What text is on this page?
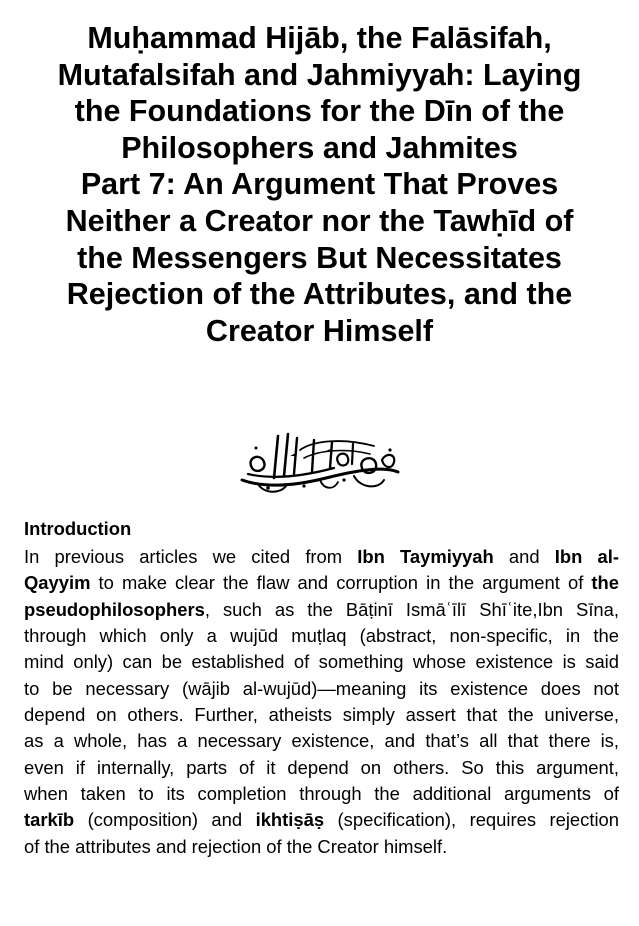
Muḥammad Hijāb, the Falāsifah,
Mutafalsifah and Jahmiyyah: Laying
the Foundations for the Dīn of the
Philosophers and Jahmites
Part 7: An Argument That Proves
Neither a Creator nor the Tawḥīd of
the Messengers But Necessitates
Rejection of the Attributes, and the
Creator Himself
Introduction
In previous articles we cited from Ibn Taymiyyah and Ibn al-
Qayyim to make clear the flaw and corruption in the argument of the
pseudophilosophers, such as the Bāṭinī Ismāʿīlī Shīʿite,Ibn Sīna,
through which only a wujūd muṭlaq (abstract, non-specific, in the
mind only) can be established of something whose existence is said
to be necessary (wājib al-wujūd)—meaning its existence does not
depend on others. Further, atheists simply assert that the universe,
as a whole, has a necessary existence, and that’s all that there is,
even if internally, parts of it depend on others. So this argument,
when taken to its completion through the additional arguments of
tarkīb (composition) and ikhtiṣāṣ (specification), requires rejection
of the attributes and rejection of the Creator himself.
